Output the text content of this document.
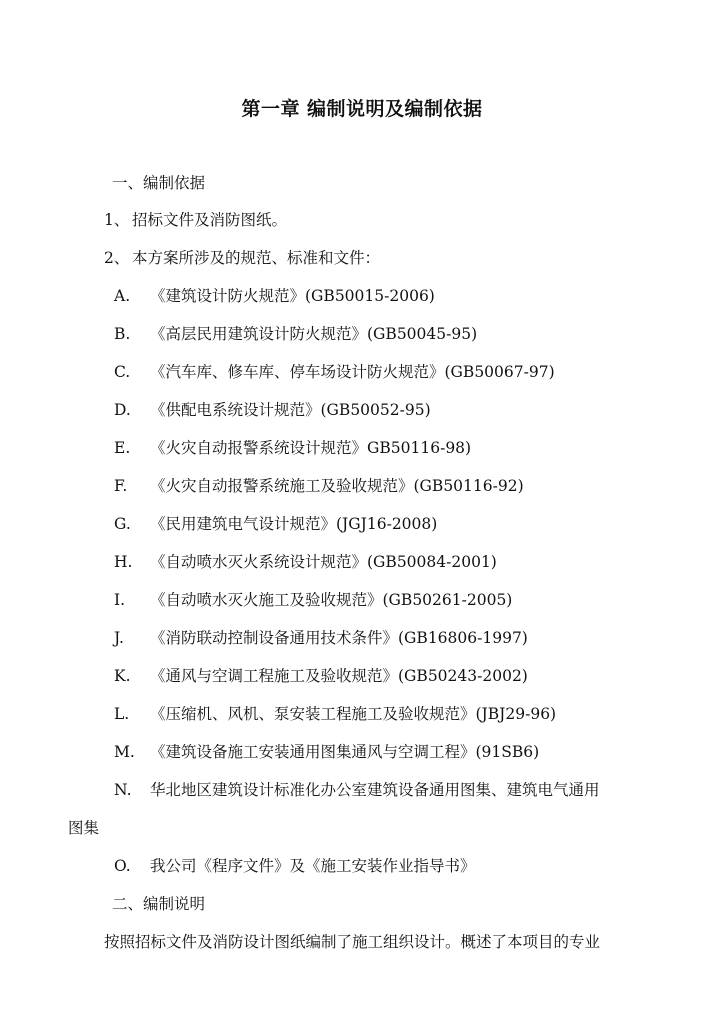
第一章 编制说明及编制依据
一、编制依据
1、 招标文件及消防图纸。
2、 本方案所涉及的规范、标准和文件：
A. 《建筑设计防火规范》(GB50015-2006)
B. 《高层民用建筑设计防火规范》(GB50045-95)
C. 《汽车库、修车库、停车场设计防火规范》(GB50067-97)
D. 《供配电系统设计规范》(GB50052-95)
E. 《火灾自动报警系统设计规范》GB50116-98)
F. 《火灾自动报警系统施工及验收规范》(GB50116-92)
G. 《民用建筑电气设计规范》(JGJ16-2008)
H. 《自动喷水灭火系统设计规范》(GB50084-2001)
I. 《自动喷水灭火施工及验收规范》(GB50261-2005)
J. 《消防联动控制设备通用技术条件》(GB16806-1997)
K. 《通风与空调工程施工及验收规范》(GB50243-2002)
L. 《压缩机、风机、泵安装工程施工及验收规范》(JBJ29-96)
M. 《建筑设备施工安装通用图集通风与空调工程》(91SB6)
N. 华北地区建筑设计标准化办公室建筑设备通用图集、建筑电气通用
图集
O. 我公司《程序文件》及《施工安装作业指导书》
二、编制说明
按照招标文件及消防设计图纸编制了施工组织设计。概述了本项目的专业
